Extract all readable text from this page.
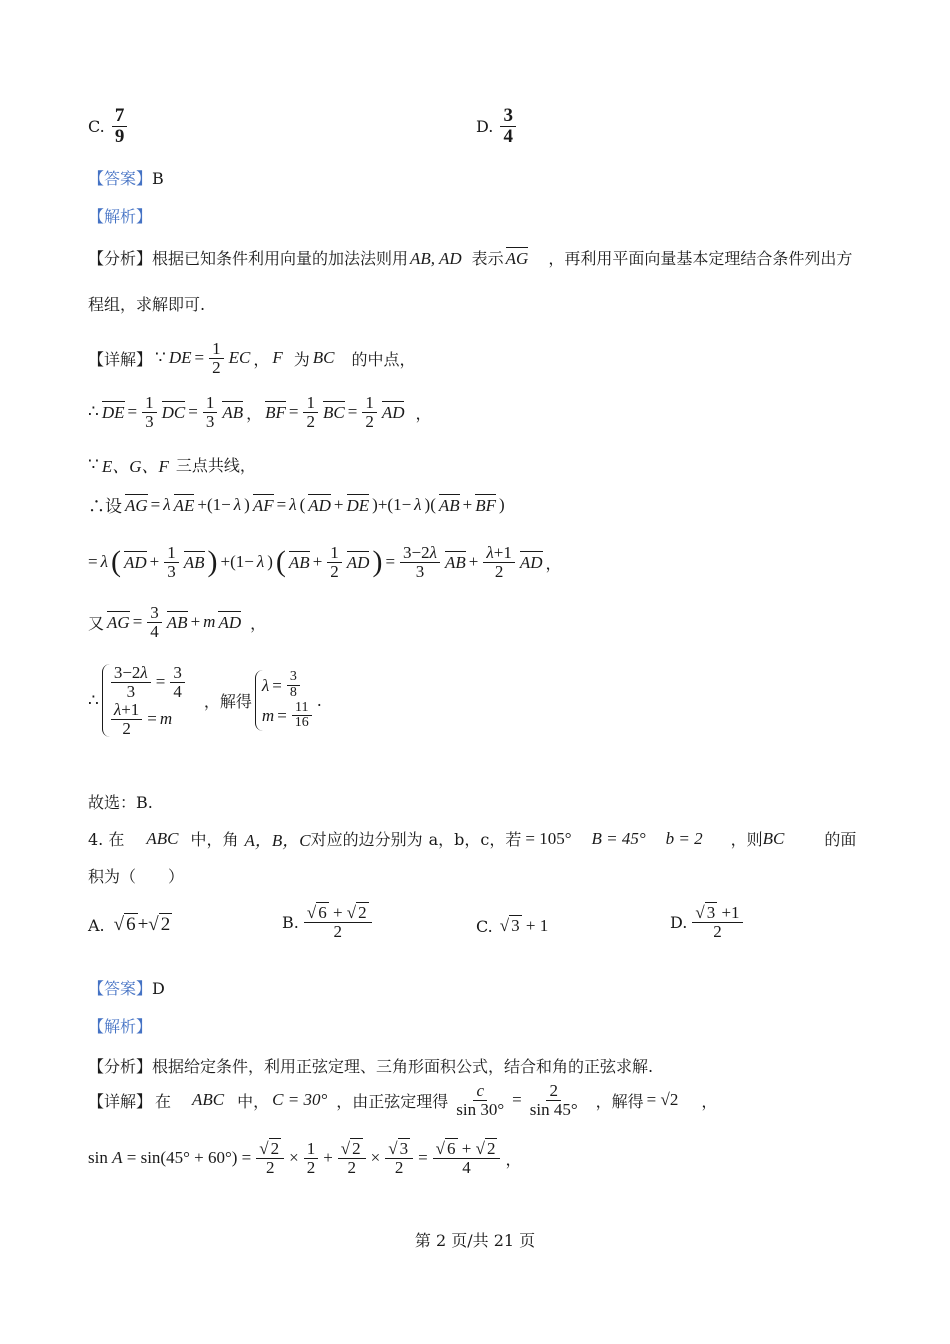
C. $\frac{7}{9}$	D. $\frac{3}{4}$
【答案】B
【解析】
【分析】根据已知条件利用向量的加法法则用 AB, AD 表示 AG ，再利用平面向量基本定理结合条件列出方
程组，求解即可.
【详解】 ∵ DE = $\frac{1}{2}$ EC ， F 为 BC 的中点，
∴ DE = $\frac{1}{3}$ DC = $\frac{1}{3}$ AB ， BF = $\frac{1}{2}$ BC = $\frac{1}{2}$ AD ，
∵ E、G、F 三点共线，
∴设 AG = λ AE +(1− λ ) AF = λ ( AD + DE )+(1− λ )( AB + BF )
= λ ( AD + $\frac{1}{3}$ AB ) +(1− λ ) ( AB + $\frac{1}{2}$ AD ) = $\frac{3-2\lambda}{3}$ AB + $\frac{\lambda+1}{2}$ AD ，
又 AG = $\frac{3}{4}$ AB + m AD ，
∴ $\frac{3-2\lambda}{3} = \frac{3}{4}$
$\frac{\lambda+1}{2} = m$
，解得
$\lambda = \frac{3}{8}$
$m = \frac{11}{16}$ .
故选：B.
4. 在 ABC 中，角 A，B，C 对应的边分别为 a，b，c，若 = 105° B = 45° b = 2 ，则 BC	的面
积为（　　）
A. √ 6 +√ 2	B. $\frac{√ 6 + √ 2}{2}$	C. √ 3 + 1	D. $\frac{√ 3 +1}{2}$
【答案】D
【解析】
【分析】根据给定条件，利用正弦定理、三角形面积公式，结合和角的正弦求解.
【详解】 在 ABC 中， C = 30° ，由正弦定理得 $\frac{c}{\sin 30^\circ} = \frac{2}{\sin 45^\circ}$ ，解得 = √2 ，
$\sin A = \sin(45^\circ + 60^\circ) = \frac{√ 2}{2} \times \frac{1}{2} + \frac{√ 2}{2} \times \frac{√ 3}{2} = \frac{√ 6 + √ 2}{4}$ ，
第 2 页/共 21 页
